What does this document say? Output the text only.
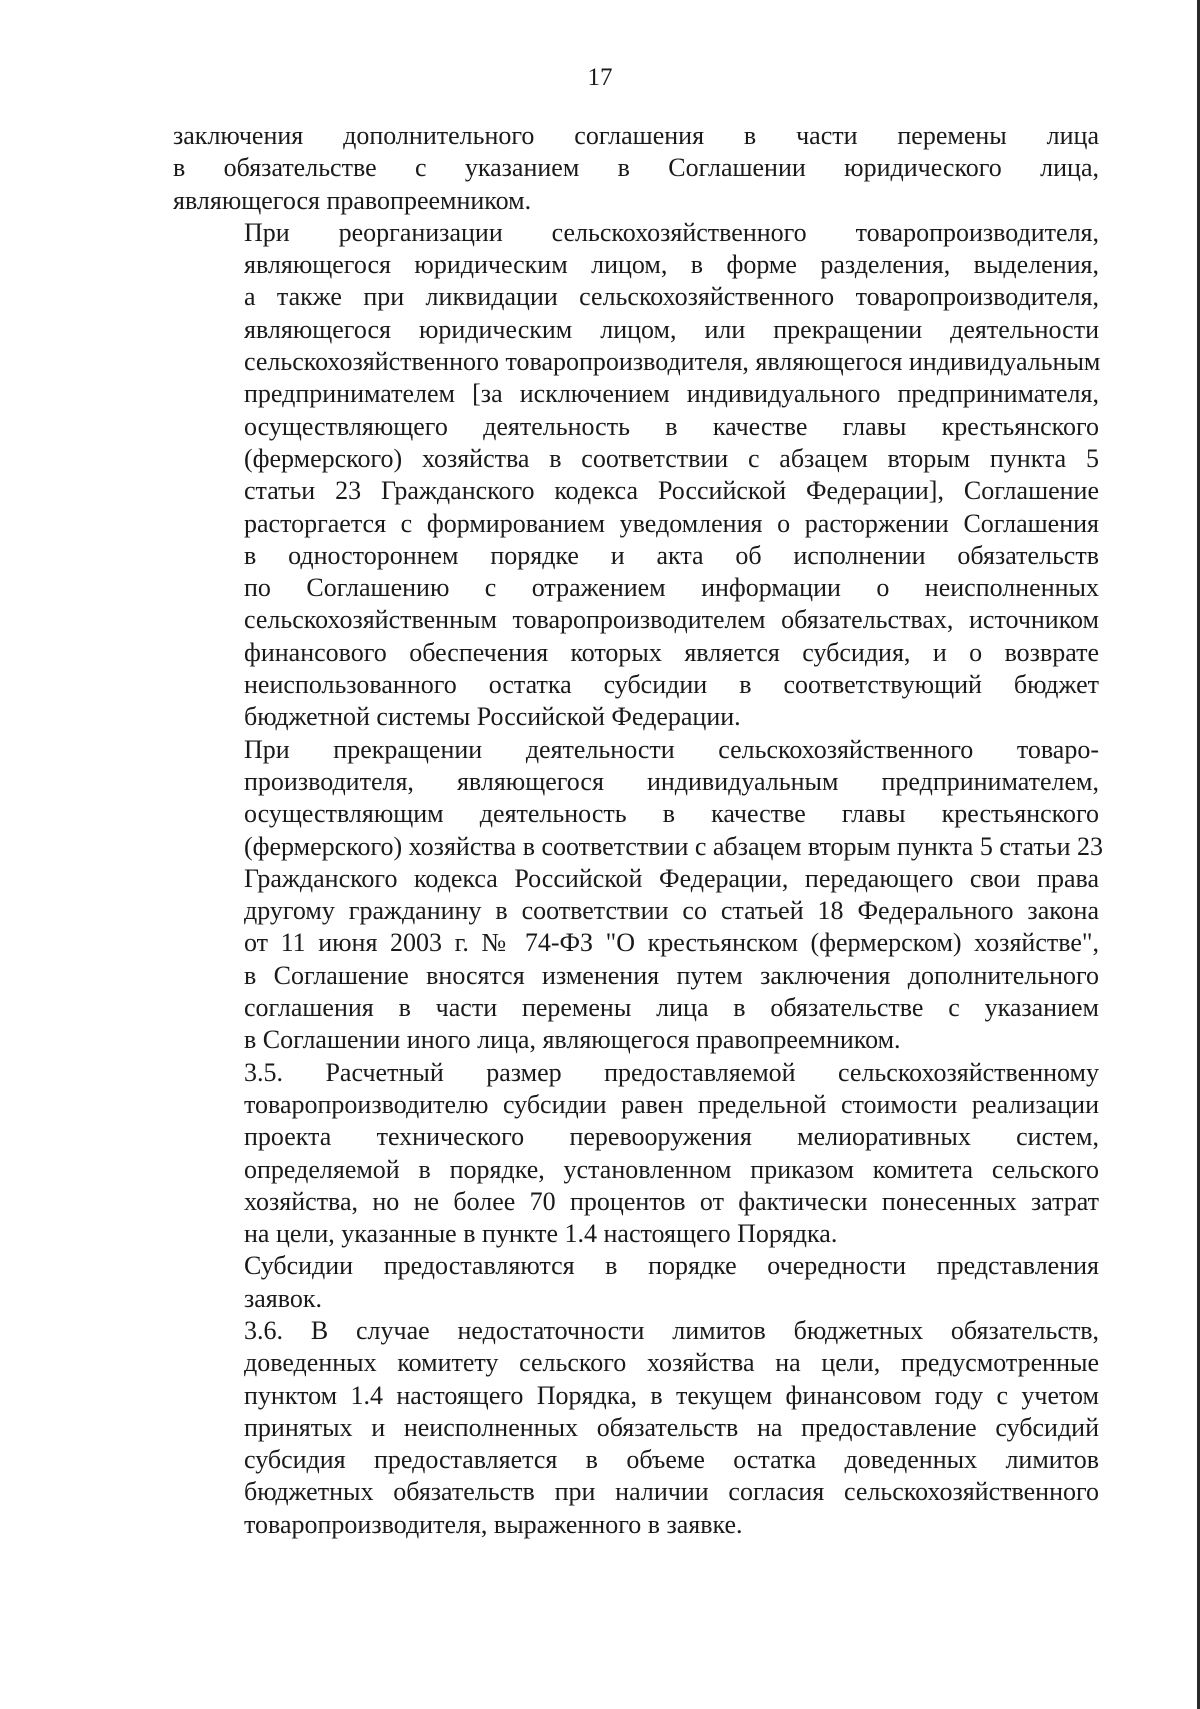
17

заключения дополнительного соглашения в части перемены лица
в обязательстве с указанием в Соглашении юридического лица,
являющегося правопреемником.

При реорганизации сельскохозяйственного товаропроизводителя,
являющегося юридическим лицом, в форме разделения, выделения,
а также при ликвидации сельскохозяйственного товаропроизводителя,
являющегося юридическим лицом, или прекращении деятельности
сельскохозяйственного товаропроизводителя, являющегося индивидуальным
предпринимателем [за исключением индивидуального предпринимателя,
осуществляющего деятельность в качестве главы крестьянского
(фермерского) хозяйства в соответствии с абзацем вторым пункта 5
статьи 23 Гражданского кодекса Российской Федерации], Соглашение
расторгается с формированием уведомления о расторжении Соглашения
в одностороннем порядке и акта об исполнении обязательств
по Соглашению с отражением информации о неисполненных
сельскохозяйственным товаропроизводителем обязательствах, источником
финансового обеспечения которых является субсидия, и о возврате
неиспользованного остатка субсидии в соответствующий бюджет
бюджетной системы Российской Федерации.

При прекращении деятельности сельскохозяйственного товаро-
производителя, являющегося индивидуальным предпринимателем,
осуществляющим деятельность в качестве главы крестьянского
(фермерского) хозяйства в соответствии с абзацем вторым пункта 5 статьи 23
Гражданского кодекса Российской Федерации, передающего свои права
другому гражданину в соответствии со статьей 18 Федерального закона
от 11 июня 2003 г. № 74-ФЗ "О крестьянском (фермерском) хозяйстве",
в Соглашение вносятся изменения путем заключения дополнительного
соглашения в части перемены лица в обязательстве с указанием
в Соглашении иного лица, являющегося правопреемником.

3.5. Расчетный размер предоставляемой сельскохозяйственному
товаропроизводителю субсидии равен предельной стоимости реализации
проекта технического перевооружения мелиоративных систем,
определяемой в порядке, установленном приказом комитета сельского
хозяйства, но не более 70 процентов от фактически понесенных затрат
на цели, указанные в пункте 1.4 настоящего Порядка.

Субсидии предоставляются в порядке очередности представления
заявок.

3.6. В случае недостаточности лимитов бюджетных обязательств,
доведенных комитету сельского хозяйства на цели, предусмотренные
пунктом 1.4 настоящего Порядка, в текущем финансовом году с учетом
принятых и неисполненных обязательств на предоставление субсидий
субсидия предоставляется в объеме остатка доведенных лимитов
бюджетных обязательств при наличии согласия сельскохозяйственного
товаропроизводителя, выраженного в заявке.
